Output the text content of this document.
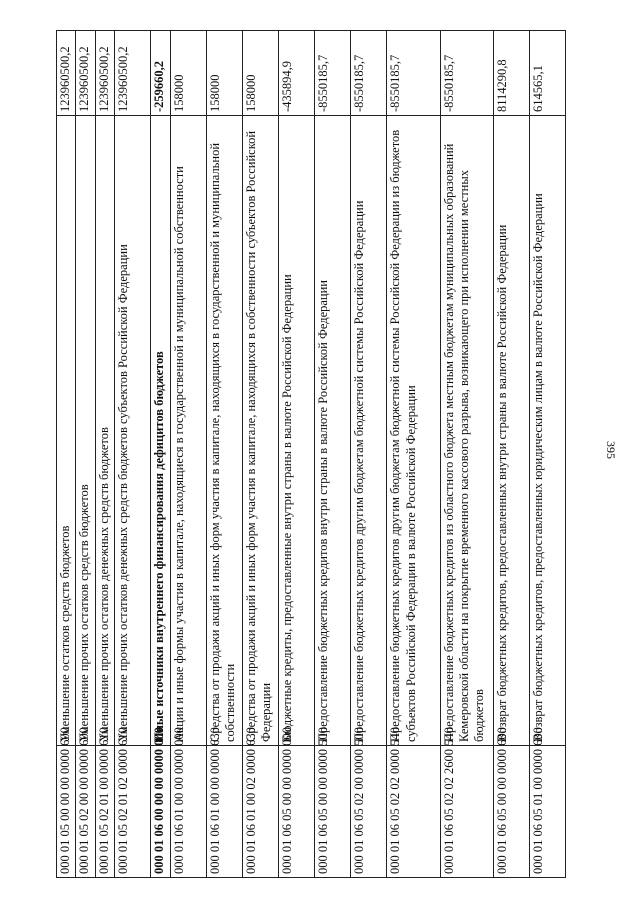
395
000 01 05 00 00 00 0000 600	Уменьшение остатков средств бюджетов	123960500,2
000 01 05 02 00 00 0000 600	Уменьшение прочих остатков средств бюджетов	123960500,2
000 01 05 02 01 00 0000 610	Уменьшение прочих остатков денежных средств бюджетов	123960500,2
000 01 05 02 01 02 0000 610	Уменьшение прочих остатков денежных средств бюджетов субъектов Российской Федерации	123960500,2
000 01 06 00 00 00 0000 000	Иные источники внутреннего финансирования дефицитов бюджетов	-259660,2
000 01 06 01 00 00 0000 000	Акции и иные формы участия в капитале, находящиеся в государственной и муниципальной собственности	158000
000 01 06 01 00 00 0000 630	Средства от продажи акций и иных форм участия в капитале, находящихся в государственной и муниципальной собственности	158000
000 01 06 01 00 02 0000 630	Средства от продажи акций и иных форм участия в капитале, находящихся в собственности субъектов Российской Федерации	158000
000 01 06 05 00 00 0000 000	Бюджетные кредиты, предоставленные внутри страны в валюте Российской Федерации	-435894,9
000 01 06 05 00 00 0000 500	Предоставление бюджетных кредитов внутри страны в валюте Российской Федерации	-8550185,7
000 01 06 05 02 00 0000 500	Предоставление бюджетных кредитов другим бюджетам бюджетной системы Российской Федерации	-8550185,7
000 01 06 05 02 02 0000 540	Предоставление бюджетных кредитов другим бюджетам бюджетной системы Российской Федерации из бюджетов субъектов Российской Федерации в валюте Российской Федерации	-8550185,7
000 01 06 05 02 02 2600 540	Предоставление бюджетных кредитов из областного бюджета местным бюджетам муниципальных образований Кемеровской области на покрытие временного кассового разрыва, возникающего при исполнении местных бюджетов	-8550185,7
000 01 06 05 00 00 0000 600	Возврат бюджетных кредитов, предоставленных внутри страны в валюте Российской Федерации	8114290,8
000 01 06 05 01 00 0000 600	Возврат бюджетных кредитов, предоставленных юридическим лицам в валюте Российской Федерации	614565,1
